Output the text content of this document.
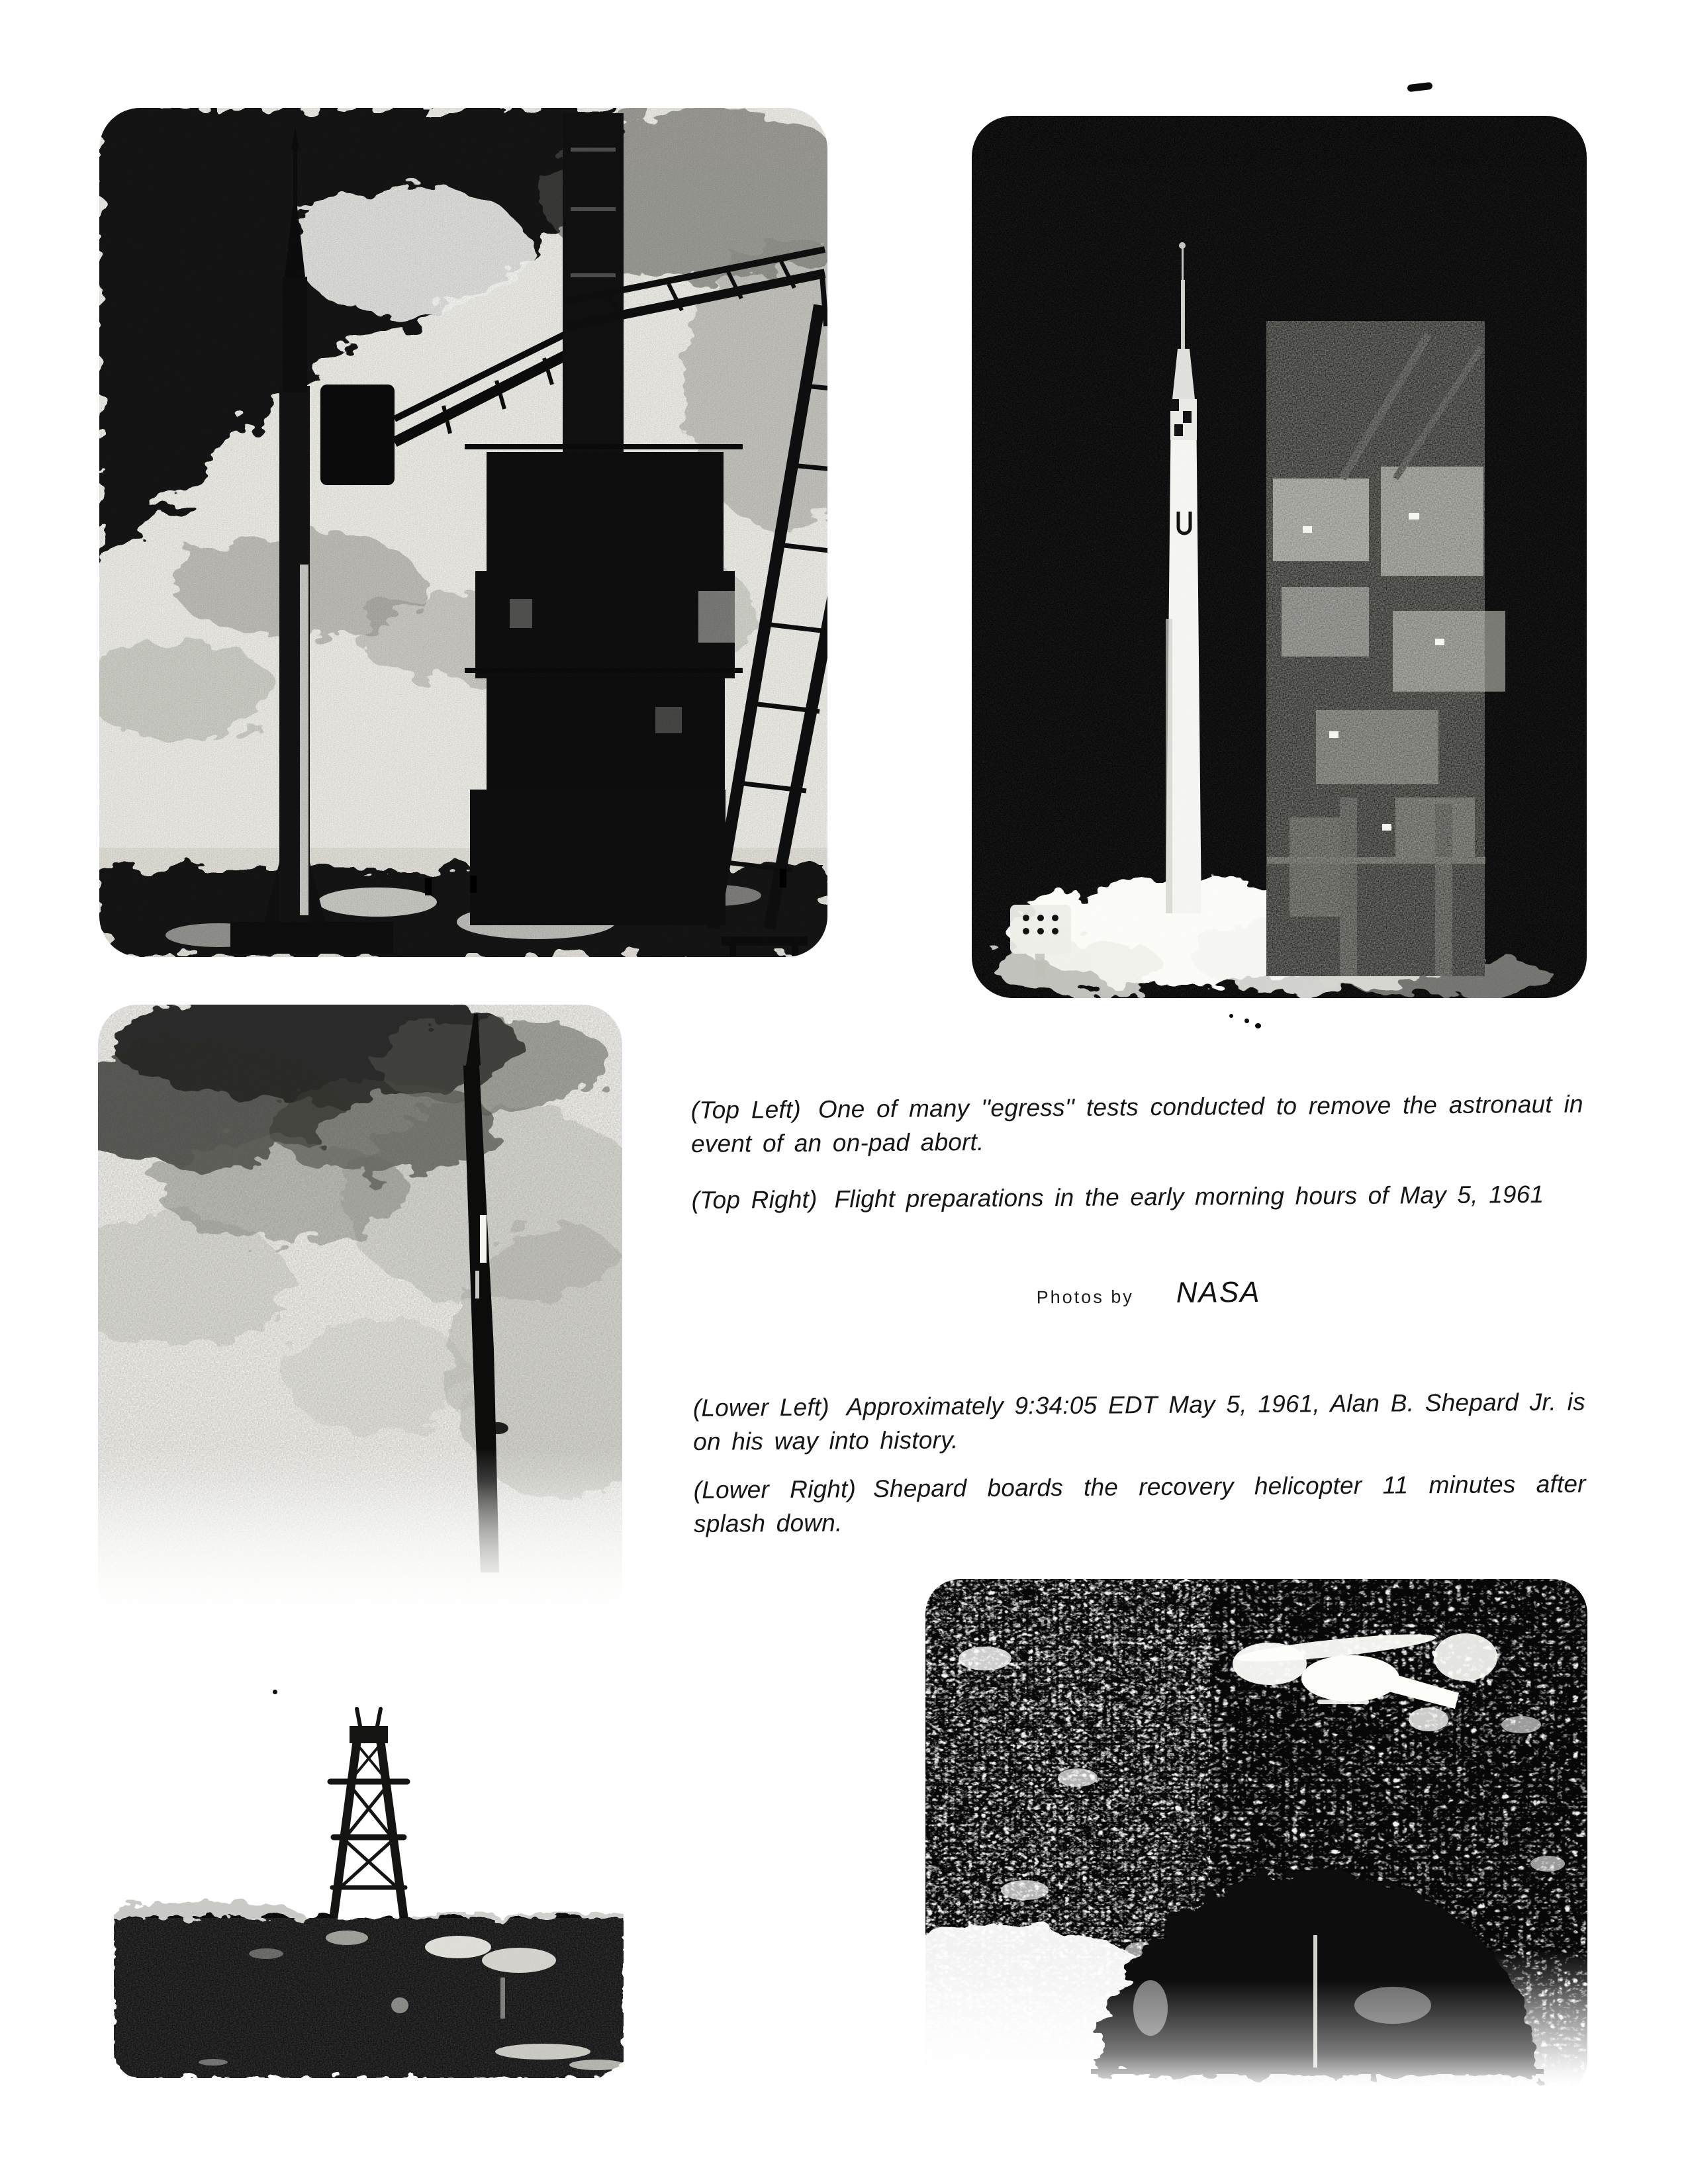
(Top Left) One of many ''egress'' tests conducted to remove the astronaut in event of an on-pad abort.

(Top Right) Flight preparations in the early morning hours of May 5, 1961

Photos by NASA

(Lower Left) Approximately 9:34:05 EDT May 5, 1961, Alan B. Shepard Jr. is on his way into history.

(Lower Right) Shepard boards the recovery helicopter 11 minutes after splash down.
